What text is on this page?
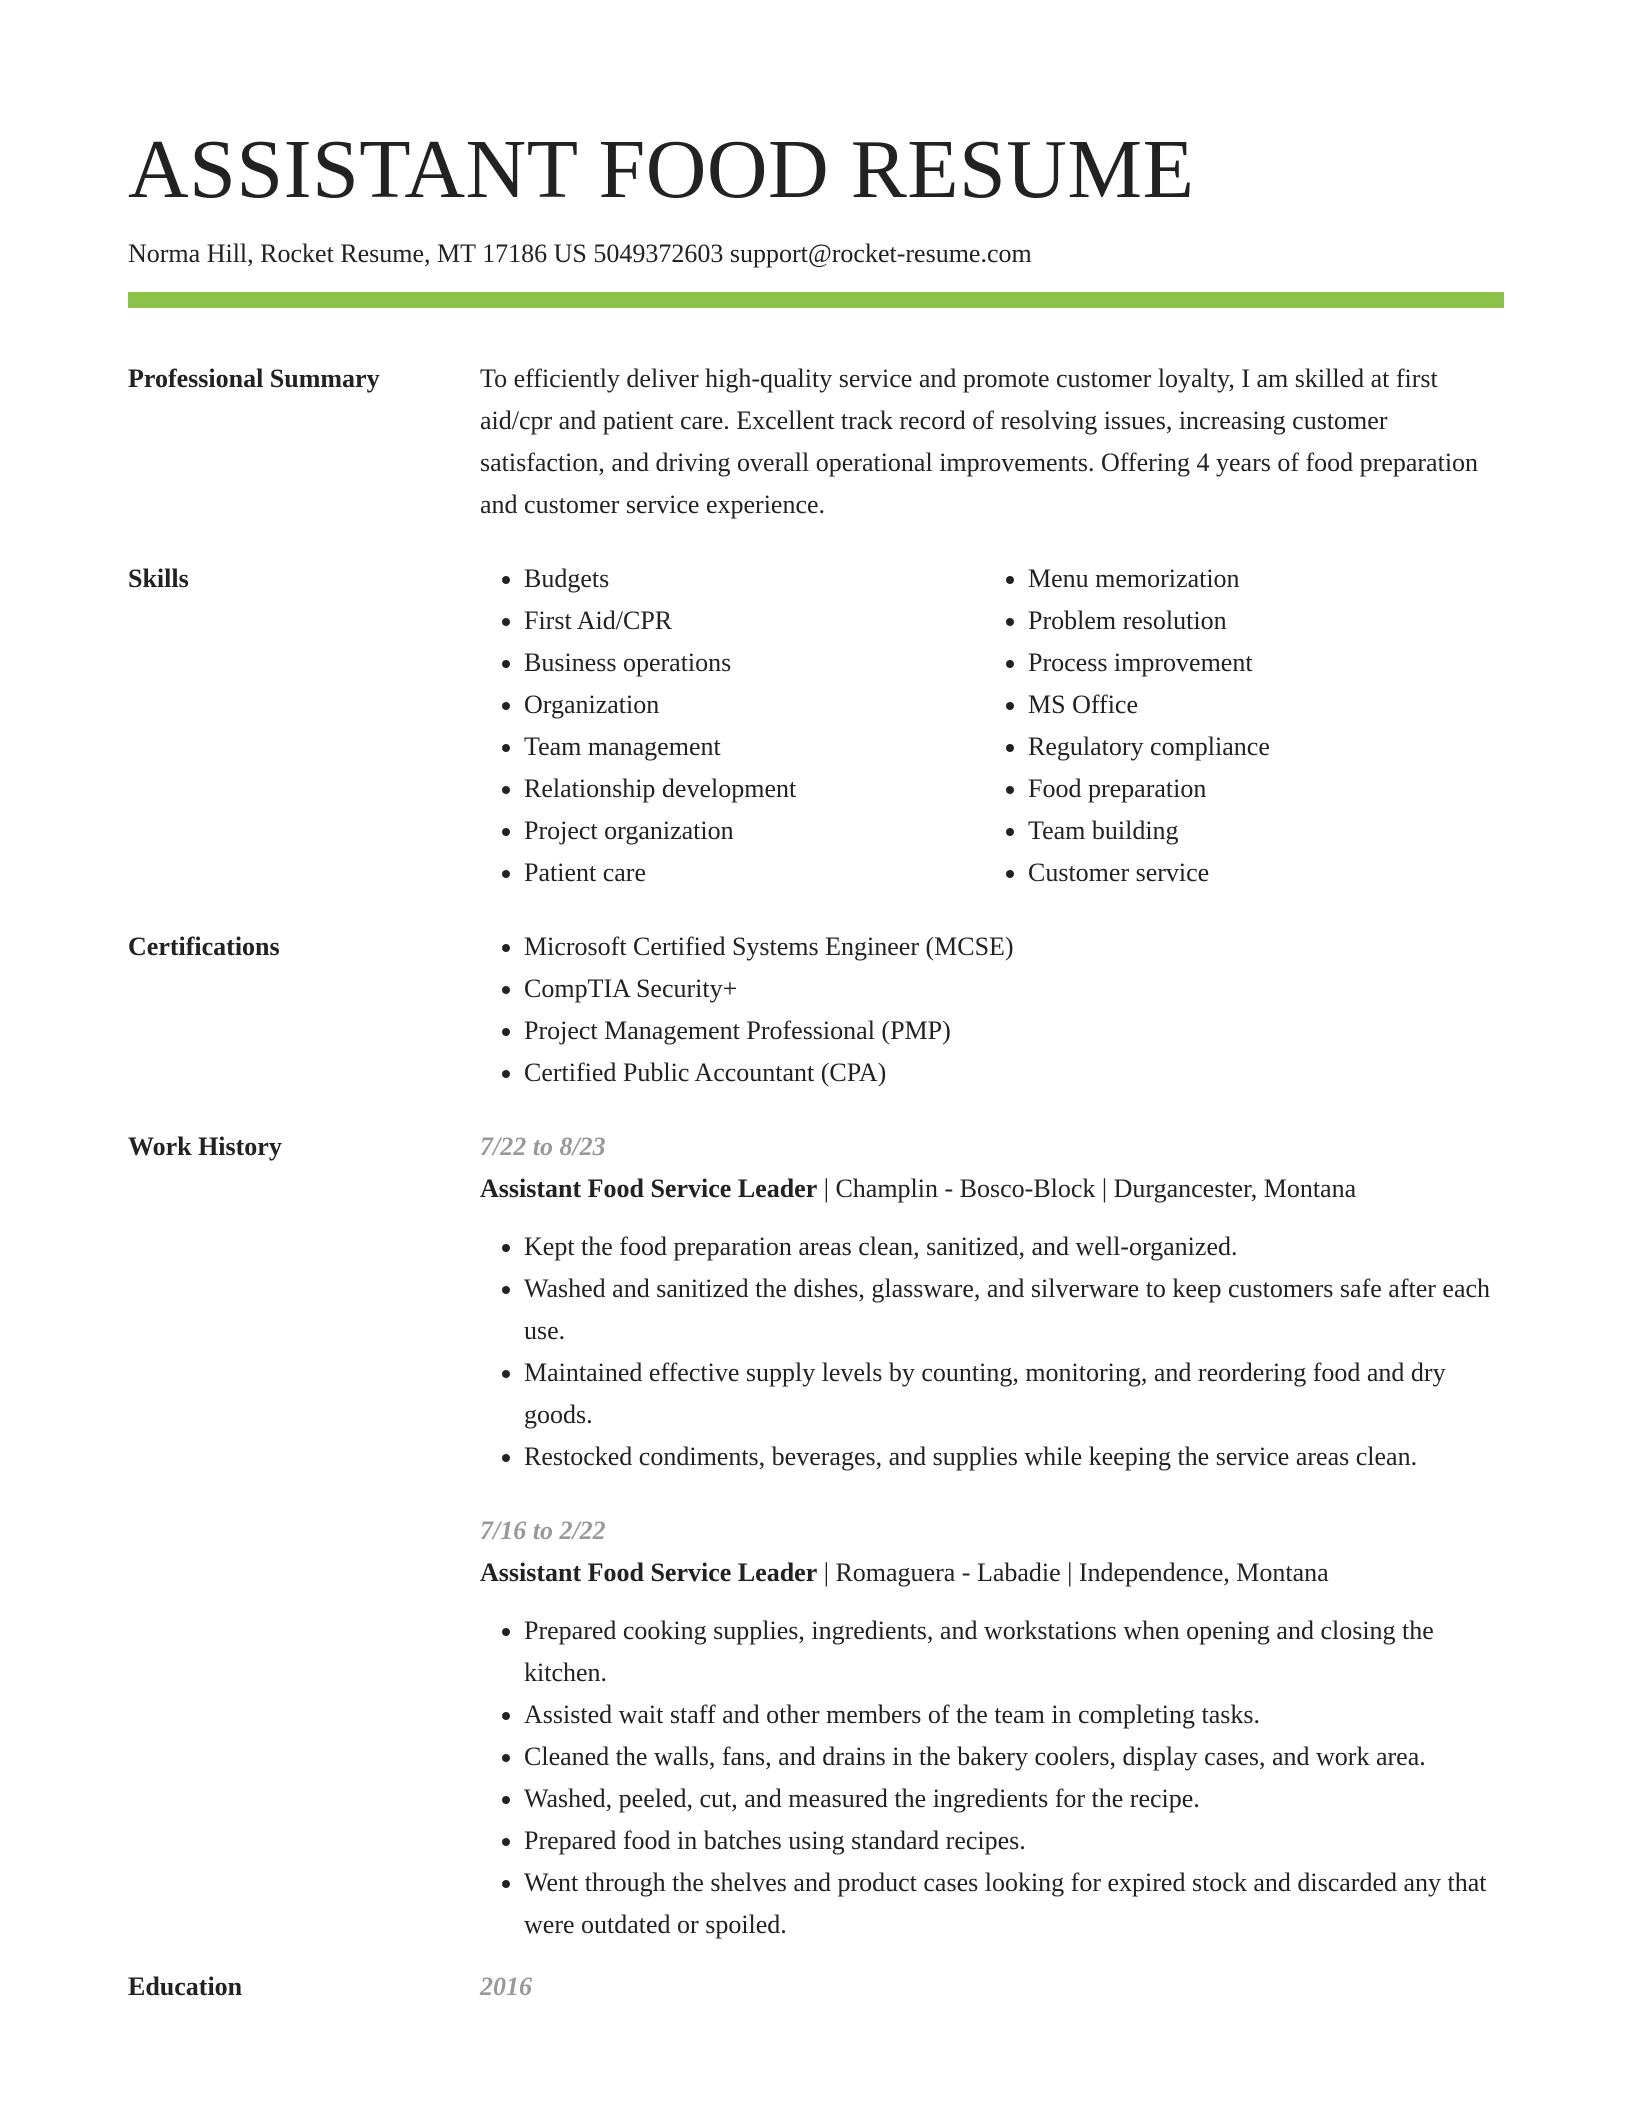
ASSISTANT FOOD RESUME
Norma Hill, Rocket Resume, MT 17186 US 5049372603 support@rocket-resume.com
Professional Summary	To efficiently deliver high-quality service and promote customer loyalty, I am skilled at first aid/cpr and patient care. Excellent track record of resolving issues, increasing customer satisfaction, and driving overall operational improvements. Offering 4 years of food preparation and customer service experience.
Skills	• Budgets
• First Aid/CPR
• Business operations
• Organization
• Team management
• Relationship development
• Project organization
• Patient care
• Menu memorization
• Problem resolution
• Process improvement
• MS Office
• Regulatory compliance
• Food preparation
• Team building
• Customer service
Certifications	• Microsoft Certified Systems Engineer (MCSE)
• CompTIA Security+
• Project Management Professional (PMP)
• Certified Public Accountant (CPA)
Work History	7/22 to 8/23
Assistant Food Service Leader | Champlin - Bosco-Block | Durgancester, Montana
• Kept the food preparation areas clean, sanitized, and well-organized.
• Washed and sanitized the dishes, glassware, and silverware to keep customers safe after each use.
• Maintained effective supply levels by counting, monitoring, and reordering food and dry goods.
• Restocked condiments, beverages, and supplies while keeping the service areas clean.
7/16 to 2/22
Assistant Food Service Leader | Romaguera - Labadie | Independence, Montana
• Prepared cooking supplies, ingredients, and workstations when opening and closing the kitchen.
• Assisted wait staff and other members of the team in completing tasks.
• Cleaned the walls, fans, and drains in the bakery coolers, display cases, and work area.
• Washed, peeled, cut, and measured the ingredients for the recipe.
• Prepared food in batches using standard recipes.
• Went through the shelves and product cases looking for expired stock and discarded any that were outdated or spoiled.
Education	2016
